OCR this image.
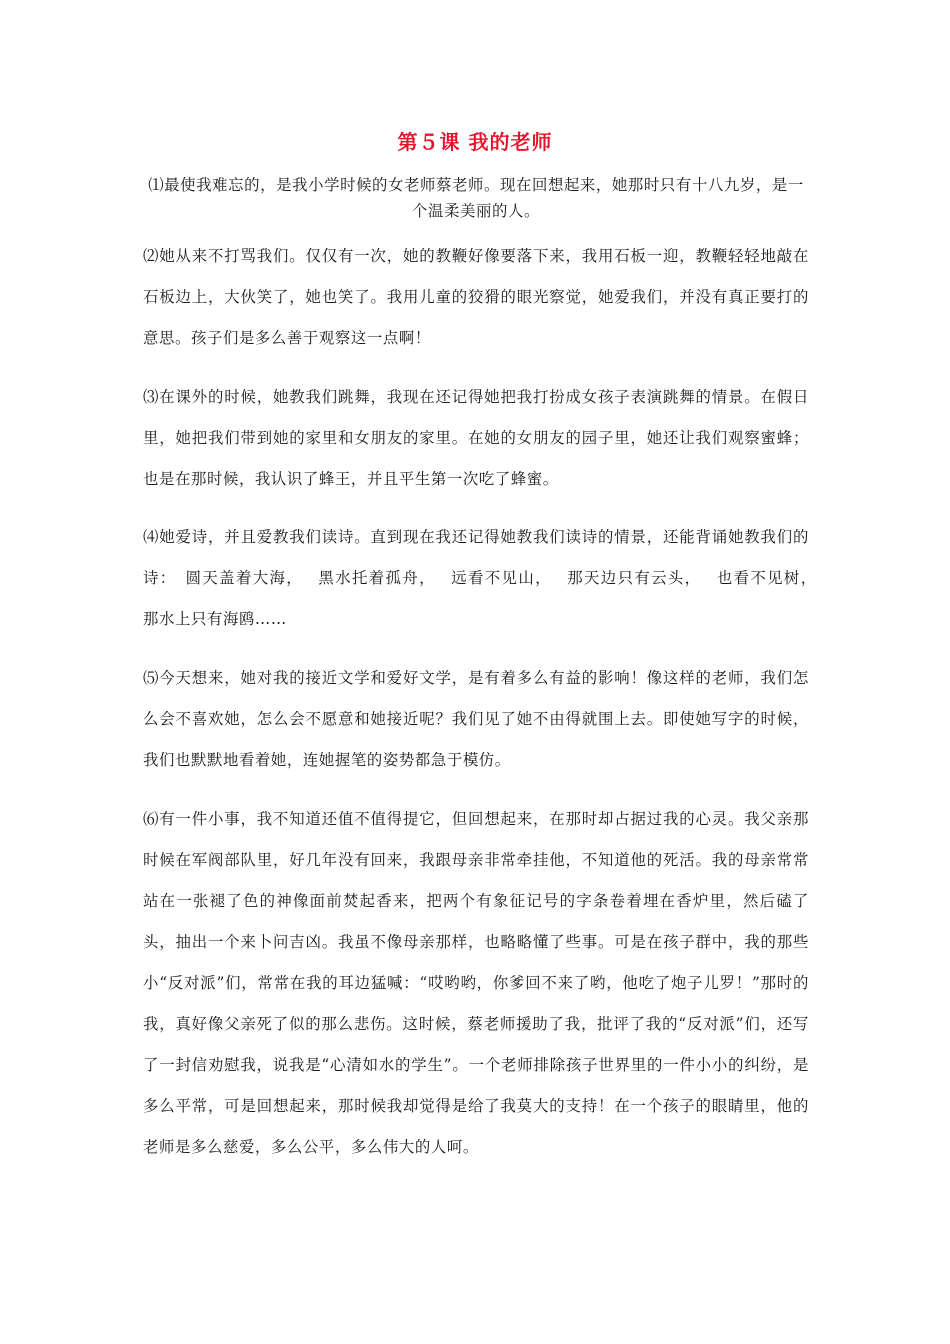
第５课 我的老师

⑴最使我难忘的，是我小学时候的女老师蔡老师。现在回想起来，她那时只有十八九岁，是一个温柔美丽的人。

⑵她从来不打骂我们。仅仅有一次，她的教鞭好像要落下来，我用石板一迎，教鞭轻轻地敲在石板边上，大伙笑了，她也笑了。我用儿童的狡猾的眼光察觉，她爱我们，并没有真正要打的意思。孩子们是多么善于观察这一点啊！

⑶在课外的时候，她教我们跳舞，我现在还记得她把我打扮成女孩子表演跳舞的情景。在假日里，她把我们带到她的家里和女朋友的家里。在她的女朋友的园子里，她还让我们观察蜜蜂；也是在那时候，我认识了蜂王，并且平生第一次吃了蜂蜜。

⑷她爱诗，并且爱教我们读诗。直到现在我还记得她教我们读诗的情景，还能背诵她教我们的诗：　圆天盖着大海，　 黑水托着孤舟，　 远看不见山，　 那天边只有云头，　 也看不见树，　 那水上只有海鸥……

⑸今天想来，她对我的接近文学和爱好文学，是有着多么有益的影响！像这样的老师，我们怎么会不喜欢她，怎么会不愿意和她接近呢？我们见了她不由得就围上去。即使她写字的时候，我们也默默地看着她，连她握笔的姿势都急于模仿。

⑹有一件小事，我不知道还值不值得提它，但回想起来，在那时却占据过我的心灵。我父亲那时候在军阀部队里，好几年没有回来，我跟母亲非常牵挂他，不知道他的死活。我的母亲常常站在一张褪了色的神像面前焚起香来，把两个有象征记号的字条卷着埋在香炉里，然后磕了头，抽出一个来卜问吉凶。我虽不像母亲那样，也略略懂了些事。可是在孩子群中，我的那些小“反对派”们，常常在我的耳边猛喊：“哎哟哟，你爹回不来了哟，他吃了炮子儿罗！”那时的我，真好像父亲死了似的那么悲伤。这时候，蔡老师援助了我，批评了我的“反对派”们，还写了一封信劝慰我，说我是“心清如水的学生”。一个老师排除孩子世界里的一件小小的纠纷，是多么平常，可是回想起来，那时候我却觉得是给了我莫大的支持！在一个孩子的眼睛里，他的老师是多么慈爱，多么公平，多么伟大的人呵。
